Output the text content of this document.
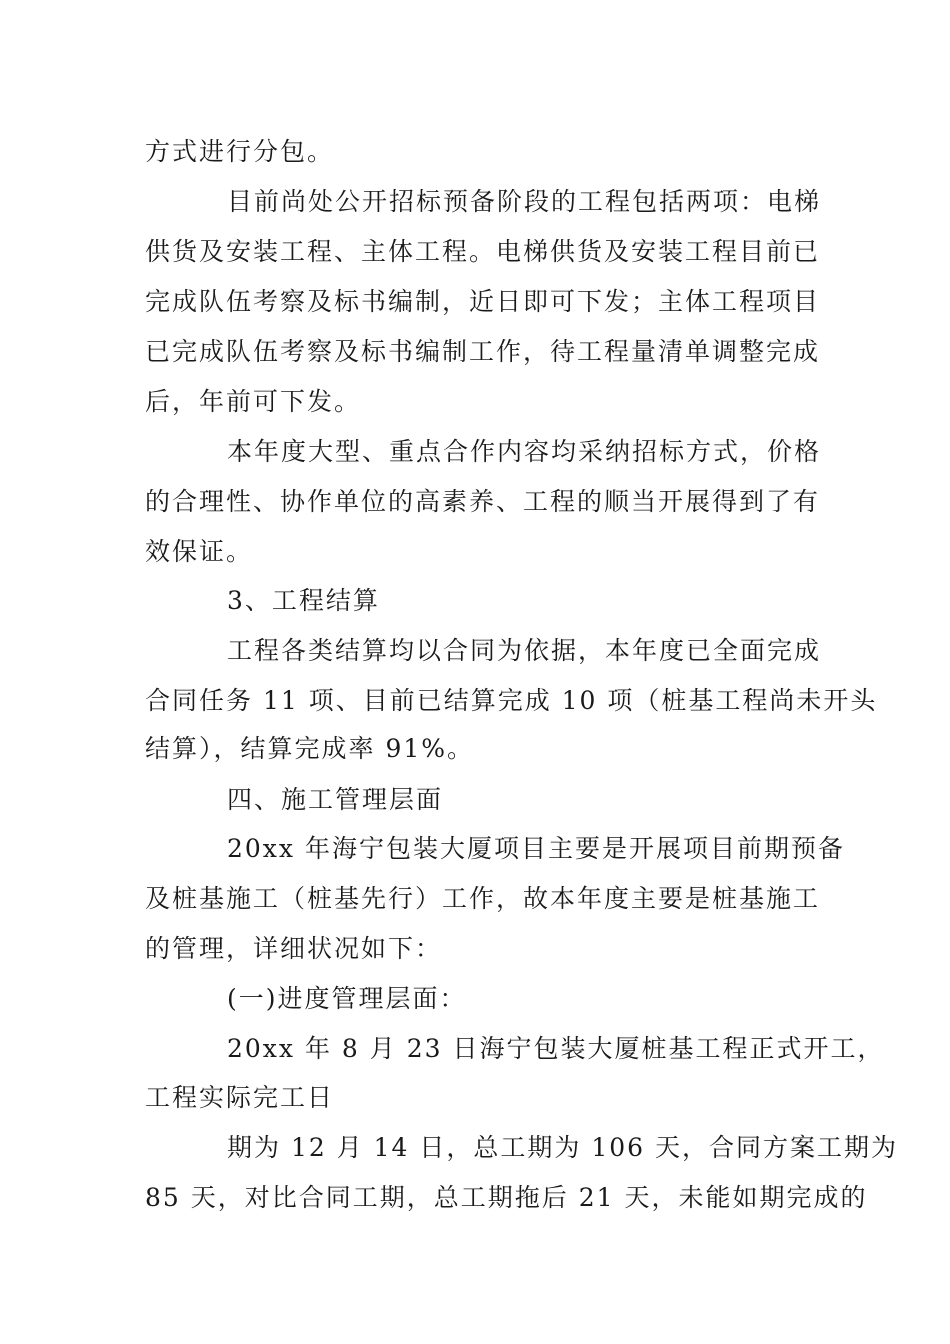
方式进行分包。
目前尚处公开招标预备阶段的工程包括两项：电梯
供货及安装工程、主体工程。电梯供货及安装工程目前已
完成队伍考察及标书编制，近日即可下发；主体工程项目
已完成队伍考察及标书编制工作，待工程量清单调整完成
后，年前可下发。
本年度大型、重点合作内容均采纳招标方式，价格
的合理性、协作单位的高素养、工程的顺当开展得到了有
效保证。
3、工程结算
工程各类结算均以合同为依据，本年度已全面完成
合同任务 11 项、目前已结算完成 10 项（桩基工程尚未开头
结算），结算完成率 91%。
四、施工管理层面
20xx 年海宁包装大厦项目主要是开展项目前期预备
及桩基施工（桩基先行）工作，故本年度主要是桩基施工
的管理，详细状况如下：
(一)进度管理层面：
20xx 年 8 月 23 日海宁包装大厦桩基工程正式开工，
工程实际完工日
期为 12 月 14 日，总工期为 106 天，合同方案工期为
85 天，对比合同工期，总工期拖后 21 天，未能如期完成的
